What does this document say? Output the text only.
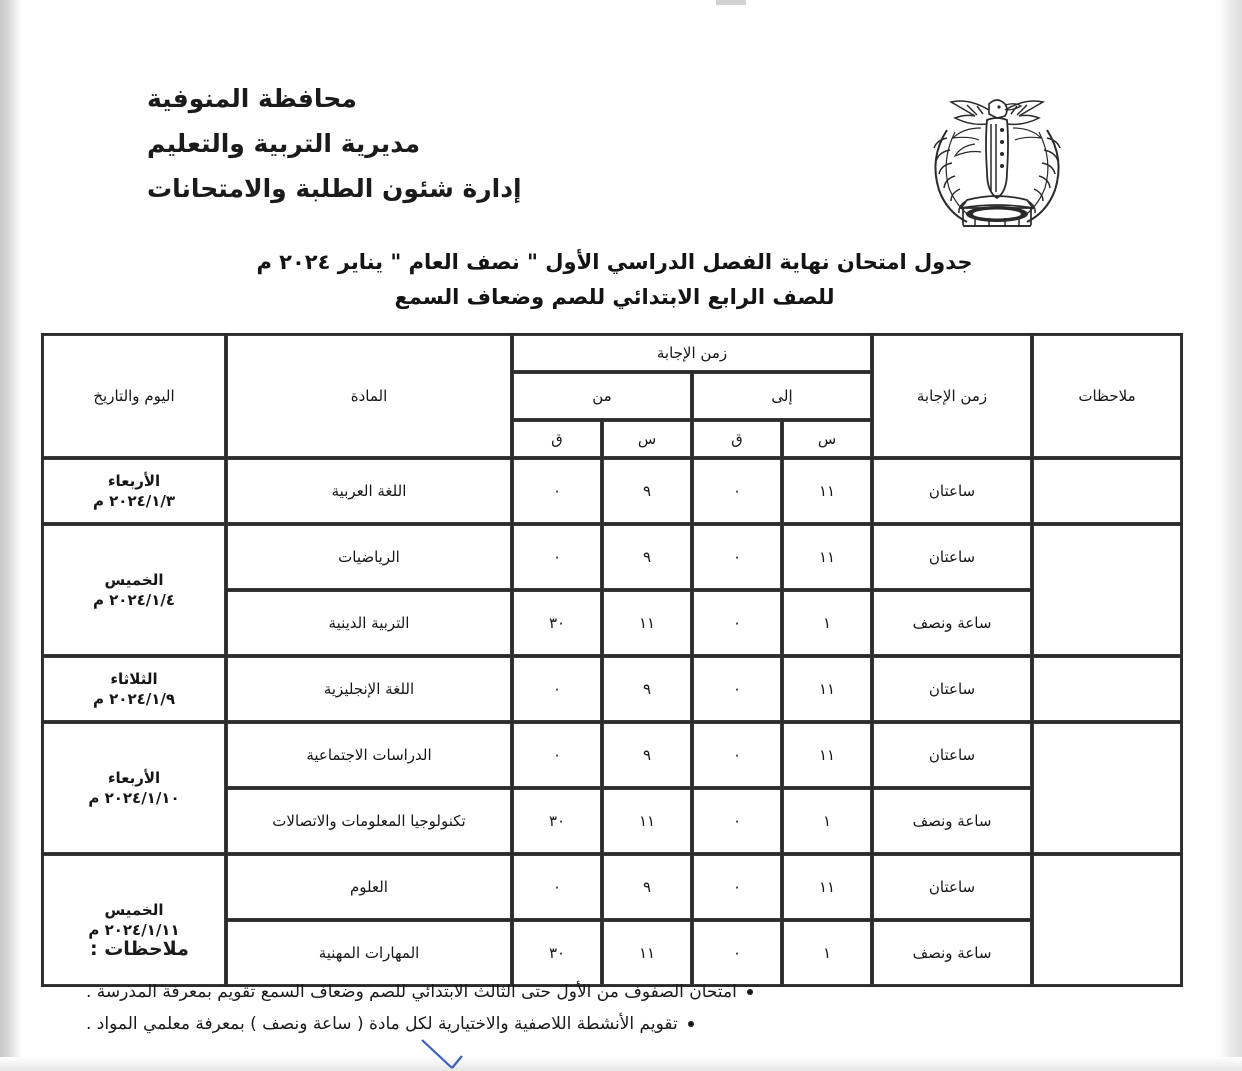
محافظة المنوفية
مديرية التربية والتعليم
إدارة شئون الطلبة والامتحانات
جدول امتحان نهاية الفصل الدراسي الأول " نصف العام " يناير ٢٠٢٤ م
للصف الرابع الابتدائي للصم وضعاف السمع
ملاحظات	زمن الإجابة	زمن الإجابة				المادة	اليوم والتاريخ
		إلى		من			
		س	ق	س	ق		
	ساعتان	١١	٠	٩	٠	اللغة العربية	الأربعاء
٢٠٢٤/١/٣ م

	ساعتان	١١	٠	٩	٠	الرياضيات	الخميس
٢٠٢٤/١/٤ م

	ساعة ونصف	١	٠	١١	٣٠	التربية الدينية	
	ساعتان	١١	٠	٩	٠	اللغة الإنجليزية	الثلاثاء
٢٠٢٤/١/٩ م

	ساعتان	١١	٠	٩	٠	الدراسات الاجتماعية	الأربعاء
٢٠٢٤/١/١٠ م

	ساعة ونصف	١	٠	١١	٣٠	تكنولوجيا المعلومات والاتصالات	
	ساعتان	١١	٠	٩	٠	العلوم	الخميس
٢٠٢٤/١/١١ م

	ساعة ونصف	١	٠	١١	٣٠	المهارات المهنية	
ملاحظات :
امتحان الصفوف من الأول حتى الثالث الابتدائي للصم وضعاف السمع تقويم بمعرفة المدرسة .
تقويم الأنشطة اللاصفية والاختيارية لكل مادة ( ساعة ونصف ) بمعرفة معلمي المواد .
